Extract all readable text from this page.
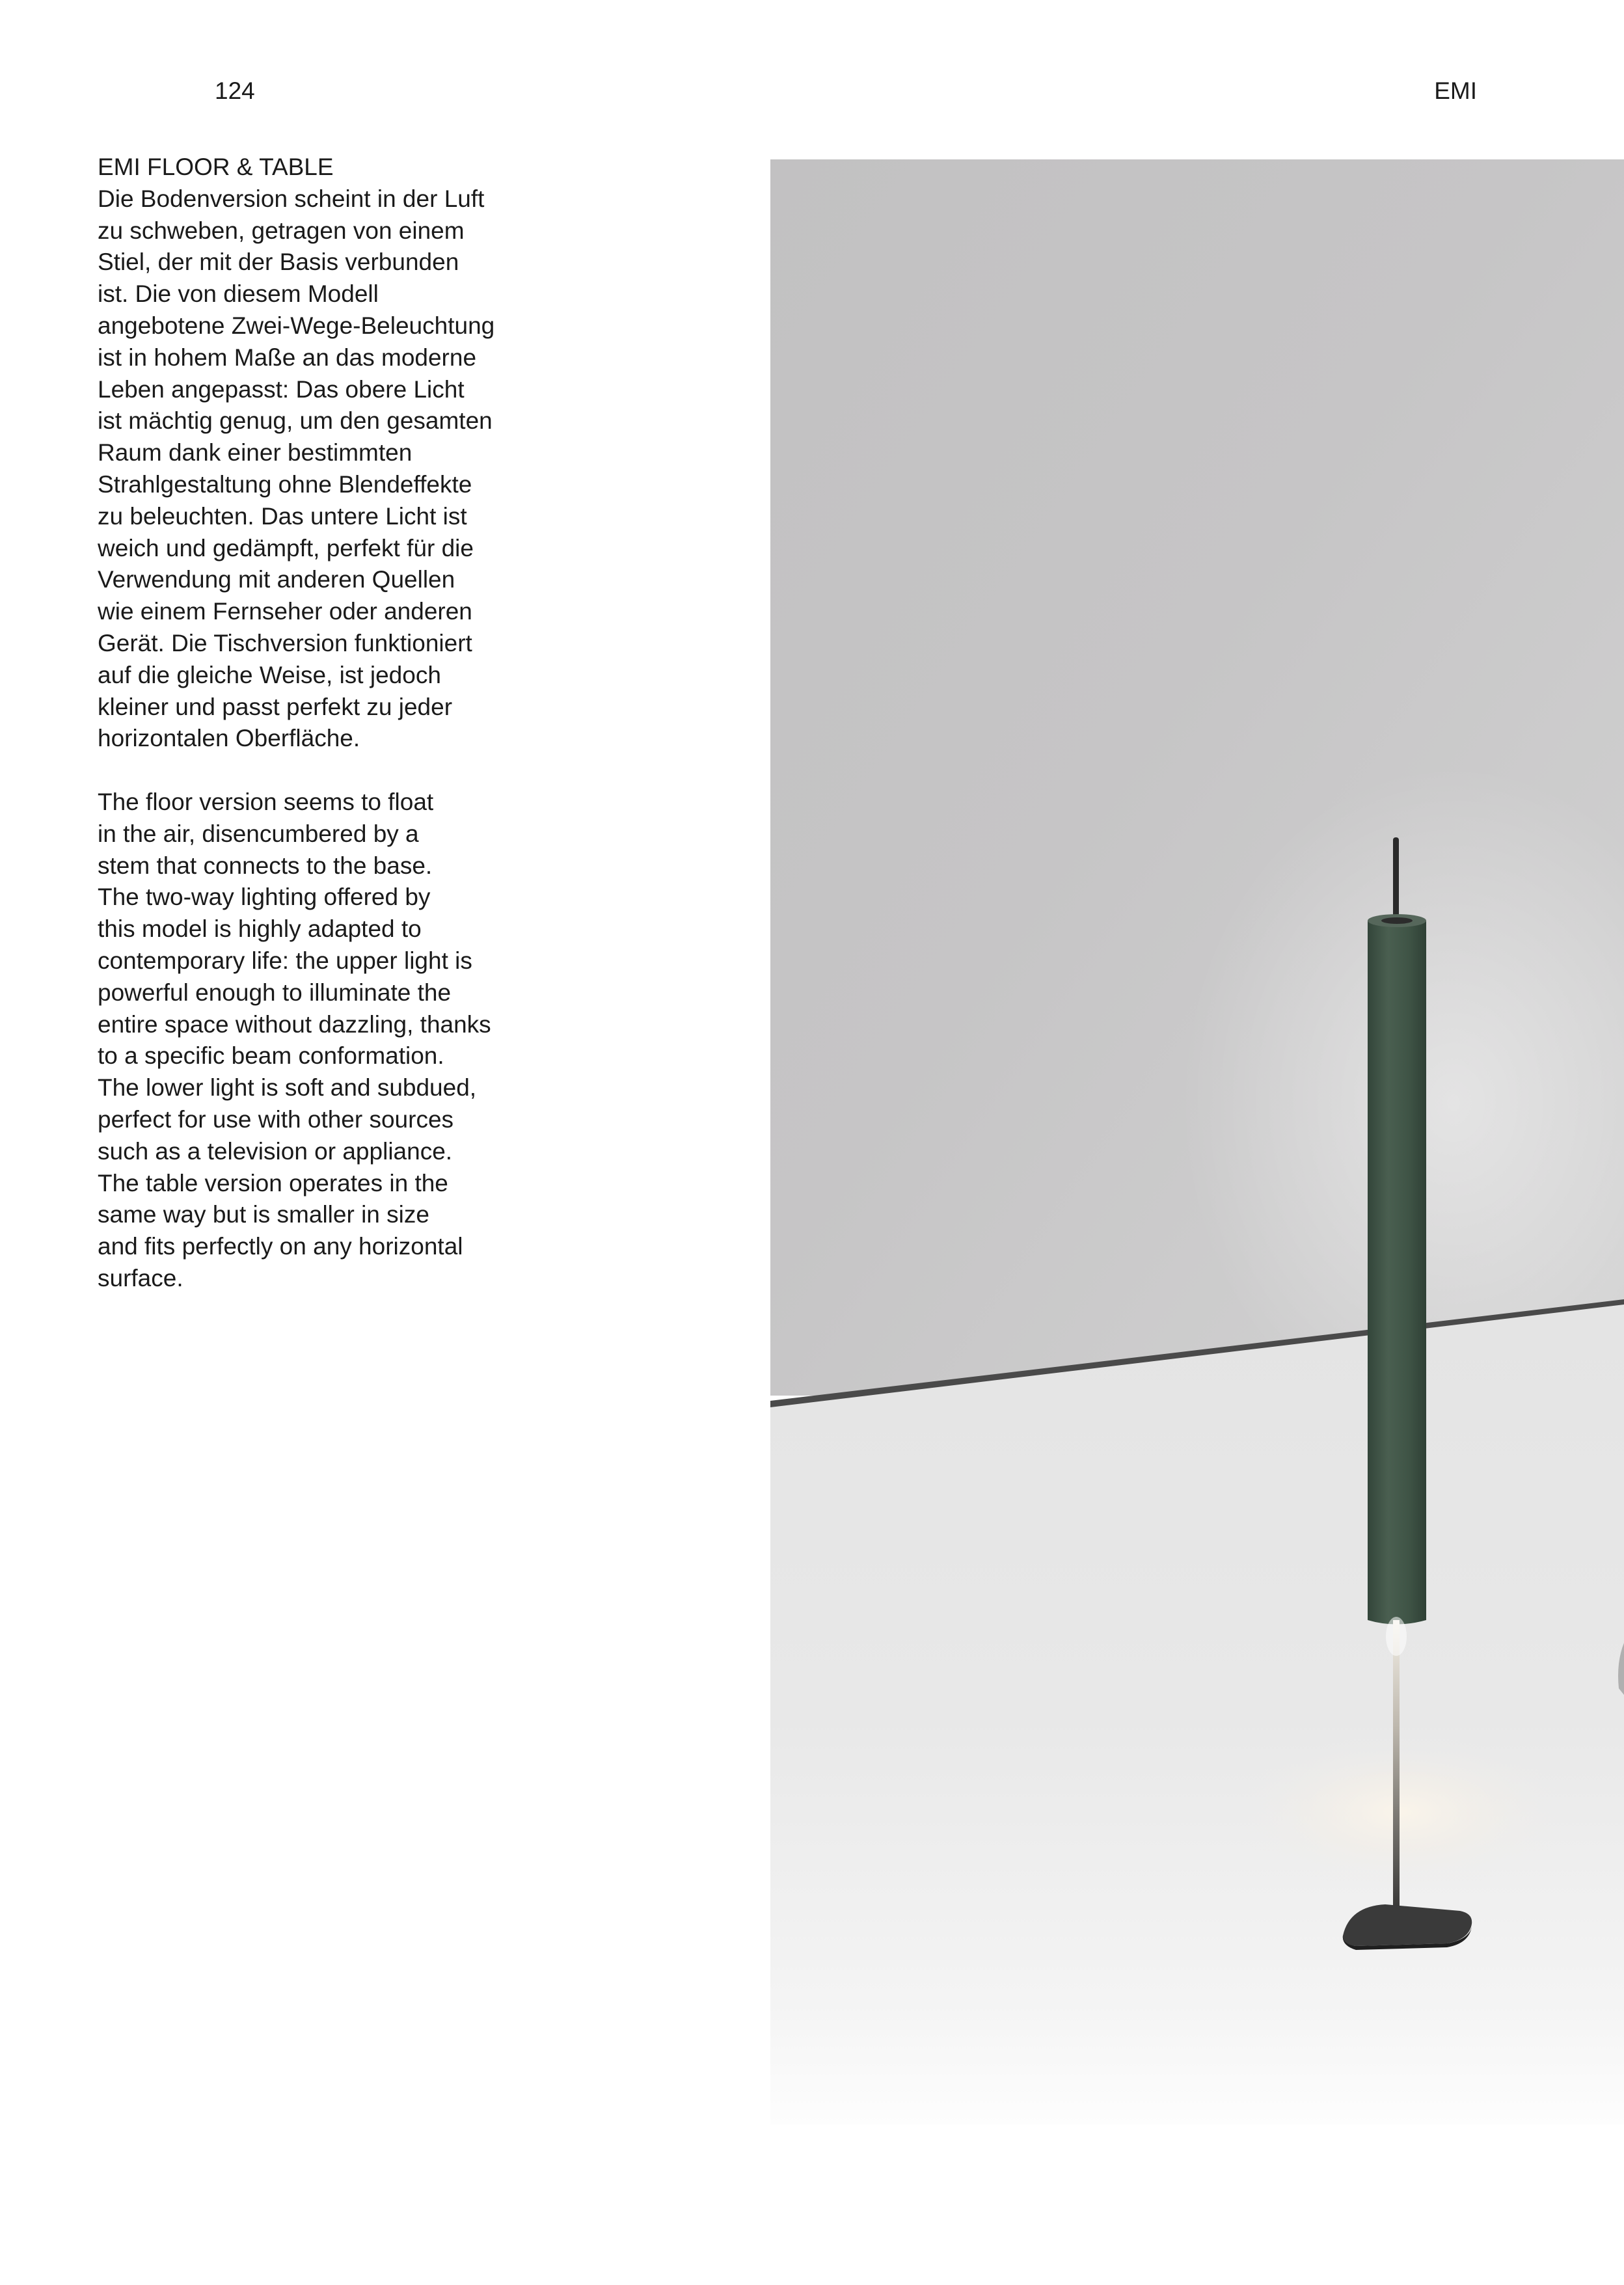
124	EMI

EMI FLOOR & TABLE

Die Bodenversion scheint in der Luft
zu schweben, getragen von einem
Stiel, der mit der Basis verbunden
ist. Die von diesem Modell
angebotene Zwei-Wege-Beleuchtung
ist in hohem Maße an das moderne
Leben angepasst: Das obere Licht
ist mächtig genug, um den gesamten
Raum dank einer bestimmten
Strahlgestaltung ohne Blendeffekte
zu beleuchten. Das untere Licht ist
weich und gedämpft, perfekt für die
Verwendung mit anderen Quellen
wie einem Fernseher oder anderen
Gerät. Die Tischversion funktioniert
auf die gleiche Weise, ist jedoch
kleiner und passt perfekt zu jeder
horizontalen Oberfläche.

The floor version seems to float
in the air, disencumbered by a
stem that connects to the base.
The two-way lighting offered by
this model is highly adapted to
contemporary life: the upper light is
powerful enough to illuminate the
entire space without dazzling, thanks
to a specific beam conformation.
The lower light is soft and subdued,
perfect for use with other sources
such as a television or appliance.
The table version operates in the
same way but is smaller in size
and fits perfectly on any horizontal
surface.
